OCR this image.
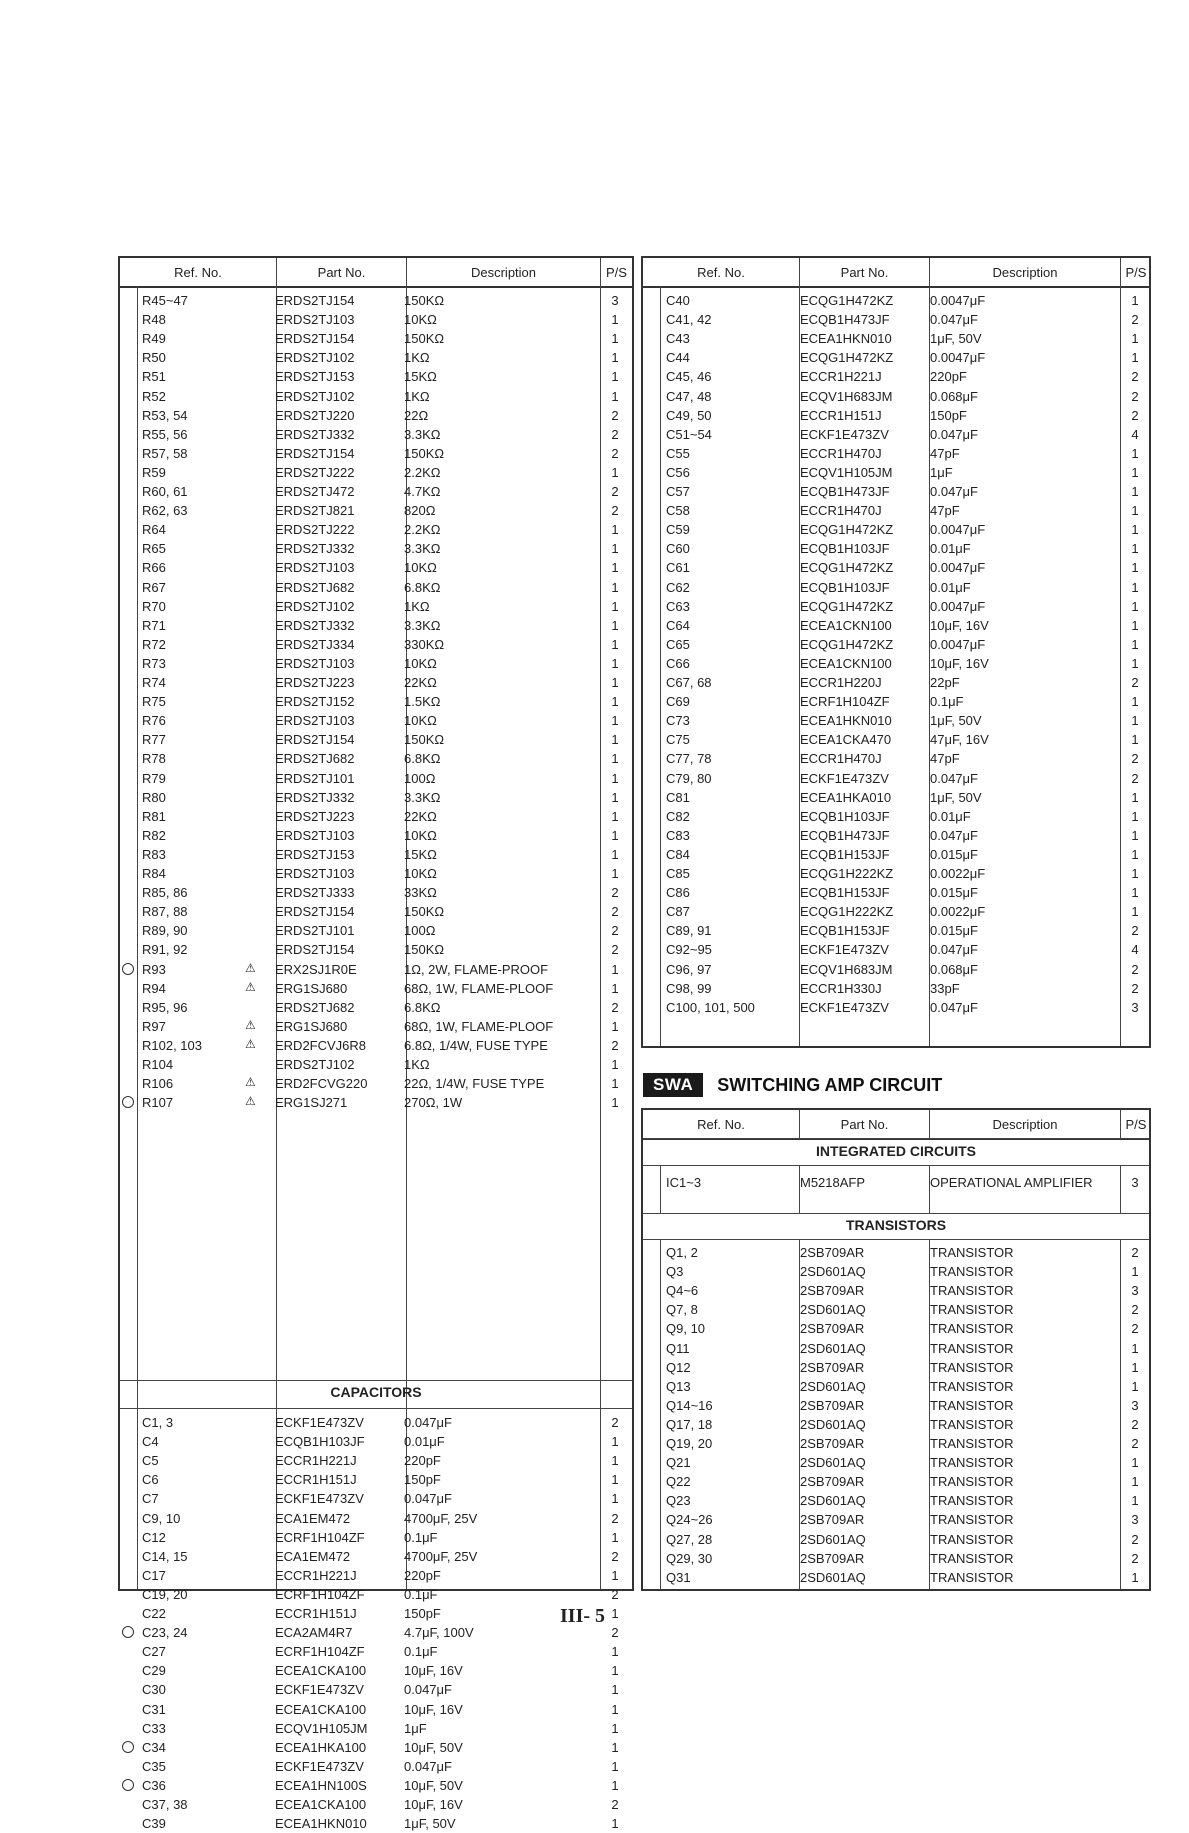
Ref. No.	Part No.	Description	P/S
R45~47	ERDS2TJ154	150KΩ	3
R48	ERDS2TJ103	10KΩ	1
R49	ERDS2TJ154	150KΩ	1
R50	ERDS2TJ102	1KΩ	1
R51	ERDS2TJ153	15KΩ	1
R52	ERDS2TJ102	1KΩ	1
R53, 54	ERDS2TJ220	22Ω	2
R55, 56	ERDS2TJ332	3.3KΩ	2
R57, 58	ERDS2TJ154	150KΩ	2
R59	ERDS2TJ222	2.2KΩ	1
R60, 61	ERDS2TJ472	4.7KΩ	2
R62, 63	ERDS2TJ821	820Ω	2
R64	ERDS2TJ222	2.2KΩ	1
R65	ERDS2TJ332	3.3KΩ	1
R66	ERDS2TJ103	10KΩ	1
R67	ERDS2TJ682	6.8KΩ	1
R70	ERDS2TJ102	1KΩ	1
R71	ERDS2TJ332	3.3KΩ	1
R72	ERDS2TJ334	330KΩ	1
R73	ERDS2TJ103	10KΩ	1
R74	ERDS2TJ223	22KΩ	1
R75	ERDS2TJ152	1.5KΩ	1
R76	ERDS2TJ103	10KΩ	1
R77	ERDS2TJ154	150KΩ	1
R78	ERDS2TJ682	6.8KΩ	1
R79	ERDS2TJ101	100Ω	1
R80	ERDS2TJ332	3.3KΩ	1
R81	ERDS2TJ223	22KΩ	1
R82	ERDS2TJ103	10KΩ	1
R83	ERDS2TJ153	15KΩ	1
R84	ERDS2TJ103	10KΩ	1
R85, 86	ERDS2TJ333	33KΩ	2
R87, 88	ERDS2TJ154	150KΩ	2
R89, 90	ERDS2TJ101	100Ω	2
R91, 92	ERDS2TJ154	150KΩ	2
R93	ERX2SJ1R0E	1Ω, 2W, FLAME-PROOF	1
⚠
R94	ERG1SJ680	68Ω, 1W, FLAME-PLOOF	1
⚠
R95, 96	ERDS2TJ682	6.8KΩ	2
R97	ERG1SJ680	68Ω, 1W, FLAME-PLOOF	1
⚠
R102, 103	ERD2FCVJ6R8	6.8Ω, 1/4W, FUSE TYPE	2
⚠
R104	ERDS2TJ102	1KΩ	1
R106	ERD2FCVG220	22Ω, 1/4W, FUSE TYPE	1
⚠
R107	ERG1SJ271	270Ω, 1W	1
⚠
CAPACITORS
C1, 3	ECKF1E473ZV	0.047μF	2
C4	ECQB1H103JF	0.01μF	1
C5	ECCR1H221J	220pF	1
C6	ECCR1H151J	150pF	1
C7	ECKF1E473ZV	0.047μF	1
C9, 10	ECA1EM472	4700μF, 25V	2
C12	ECRF1H104ZF	0.1μF	1
C14, 15	ECA1EM472	4700μF, 25V	2
C17	ECCR1H221J	220pF	1
C19, 20	ECRF1H104ZF	0.1μF	2
C22	ECCR1H151J	150pF	1
C23, 24	ECA2AM4R7	4.7μF, 100V	2
C27	ECRF1H104ZF	0.1μF	1
C29	ECEA1CKA100	10μF, 16V	1
C30	ECKF1E473ZV	0.047μF	1
C31	ECEA1CKA100	10μF, 16V	1
C33	ECQV1H105JM	1μF	1
C34	ECEA1HKA100	10μF, 50V	1
C35	ECKF1E473ZV	0.047μF	1
C36	ECEA1HN100S	10μF, 50V	1
C37, 38	ECEA1CKA100	10μF, 16V	2
C39	ECEA1HKN010	1μF, 50V	1
Ref. No.	Part No.	Description	P/S
C40	ECQG1H472KZ	0.0047μF	1
C41, 42	ECQB1H473JF	0.047μF	2
C43	ECEA1HKN010	1μF, 50V	1
C44	ECQG1H472KZ	0.0047μF	1
C45, 46	ECCR1H221J	220pF	2
C47, 48	ECQV1H683JM	0.068μF	2
C49, 50	ECCR1H151J	150pF	2
C51~54	ECKF1E473ZV	0.047μF	4
C55	ECCR1H470J	47pF	1
C56	ECQV1H105JM	1μF	1
C57	ECQB1H473JF	0.047μF	1
C58	ECCR1H470J	47pF	1
C59	ECQG1H472KZ	0.0047μF	1
C60	ECQB1H103JF	0.01μF	1
C61	ECQG1H472KZ	0.0047μF	1
C62	ECQB1H103JF	0.01μF	1
C63	ECQG1H472KZ	0.0047μF	1
C64	ECEA1CKN100	10μF, 16V	1
C65	ECQG1H472KZ	0.0047μF	1
C66	ECEA1CKN100	10μF, 16V	1
C67, 68	ECCR1H220J	22pF	2
C69	ECRF1H104ZF	0.1μF	1
C73	ECEA1HKN010	1μF, 50V	1
C75	ECEA1CKA470	47μF, 16V	1
C77, 78	ECCR1H470J	47pF	2
C79, 80	ECKF1E473ZV	0.047μF	2
C81	ECEA1HKA010	1μF, 50V	1
C82	ECQB1H103JF	0.01μF	1
C83	ECQB1H473JF	0.047μF	1
C84	ECQB1H153JF	0.015μF	1
C85	ECQG1H222KZ	0.0022μF	1
C86	ECQB1H153JF	0.015μF	1
C87	ECQG1H222KZ	0.0022μF	1
C89, 91	ECQB1H153JF	0.015μF	2
C92~95	ECKF1E473ZV	0.047μF	4
C96, 97	ECQV1H683JM	0.068μF	2
C98, 99	ECCR1H330J	33pF	2
C100, 101, 500	ECKF1E473ZV	0.047μF	3
SWA	SWITCHING AMP CIRCUIT
Ref. No.	Part No.	Description	P/S
INTEGRATED CIRCUITS
IC1~3	M5218AFP	OPERATIONAL AMPLIFIER	3
TRANSISTORS
Q1, 2	2SB709AR	TRANSISTOR	2
Q3	2SD601AQ	TRANSISTOR	1
Q4~6	2SB709AR	TRANSISTOR	3
Q7, 8	2SD601AQ	TRANSISTOR	2
Q9, 10	2SB709AR	TRANSISTOR	2
Q11	2SD601AQ	TRANSISTOR	1
Q12	2SB709AR	TRANSISTOR	1
Q13	2SD601AQ	TRANSISTOR	1
Q14~16	2SB709AR	TRANSISTOR	3
Q17, 18	2SD601AQ	TRANSISTOR	2
Q19, 20	2SB709AR	TRANSISTOR	2
Q21	2SD601AQ	TRANSISTOR	1
Q22	2SB709AR	TRANSISTOR	1
Q23	2SD601AQ	TRANSISTOR	1
Q24~26	2SB709AR	TRANSISTOR	3
Q27, 28	2SD601AQ	TRANSISTOR	2
Q29, 30	2SB709AR	TRANSISTOR	2
Q31	2SD601AQ	TRANSISTOR	1
III- 5
